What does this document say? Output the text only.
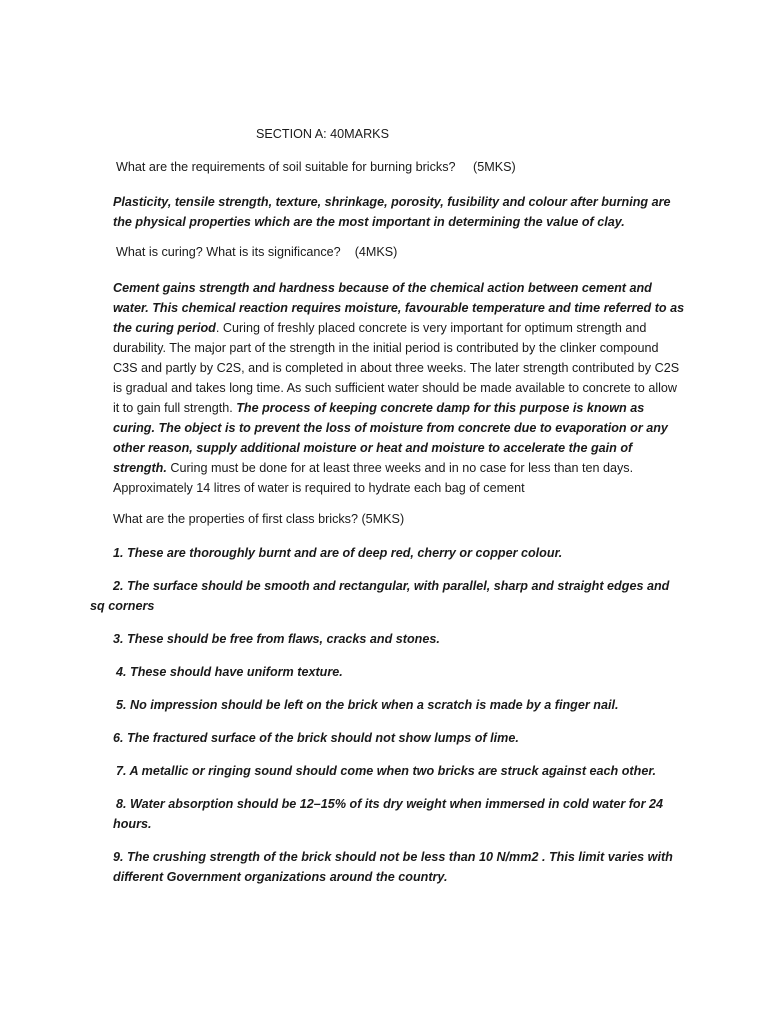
SECTION A: 40MARKS
What are the requirements of soil suitable for burning bricks? (5MKS)
Plasticity, tensile strength, texture, shrinkage, porosity, fusibility and colour after burning are the physical properties which are the most important in determining the value of clay.
What is curing? What is its significance? (4MKS)
Cement gains strength and hardness because of the chemical action between cement and water. This chemical reaction requires moisture, favourable temperature and time referred to as the curing period. Curing of freshly placed concrete is very important for optimum strength and durability. The major part of the strength in the initial period is contributed by the clinker compound C3S and partly by C2S, and is completed in about three weeks. The later strength contributed by C2S is gradual and takes long time. As such sufficient water should be made available to concrete to allow it to gain full strength. The process of keeping concrete damp for this purpose is known as curing. The object is to prevent the loss of moisture from concrete due to evaporation or any other reason, supply additional moisture or heat and moisture to accelerate the gain of strength. Curing must be done for at least three weeks and in no case for less than ten days. Approximately 14 litres of water is required to hydrate each bag of cement
What are the properties of first class bricks? (5MKS)
1. These are thoroughly burnt and are of deep red, cherry or copper colour.
2. The surface should be smooth and rectangular, with parallel, sharp and straight edges and sq corners
3. These should be free from flaws, cracks and stones.
4. These should have uniform texture.
5. No impression should be left on the brick when a scratch is made by a finger nail.
6. The fractured surface of the brick should not show lumps of lime.
7. A metallic or ringing sound should come when two bricks are struck against each other.
8. Water absorption should be 12–15% of its dry weight when immersed in cold water for 24 hours.
9. The crushing strength of the brick should not be less than 10 N/mm2 . This limit varies with different Government organizations around the country.
